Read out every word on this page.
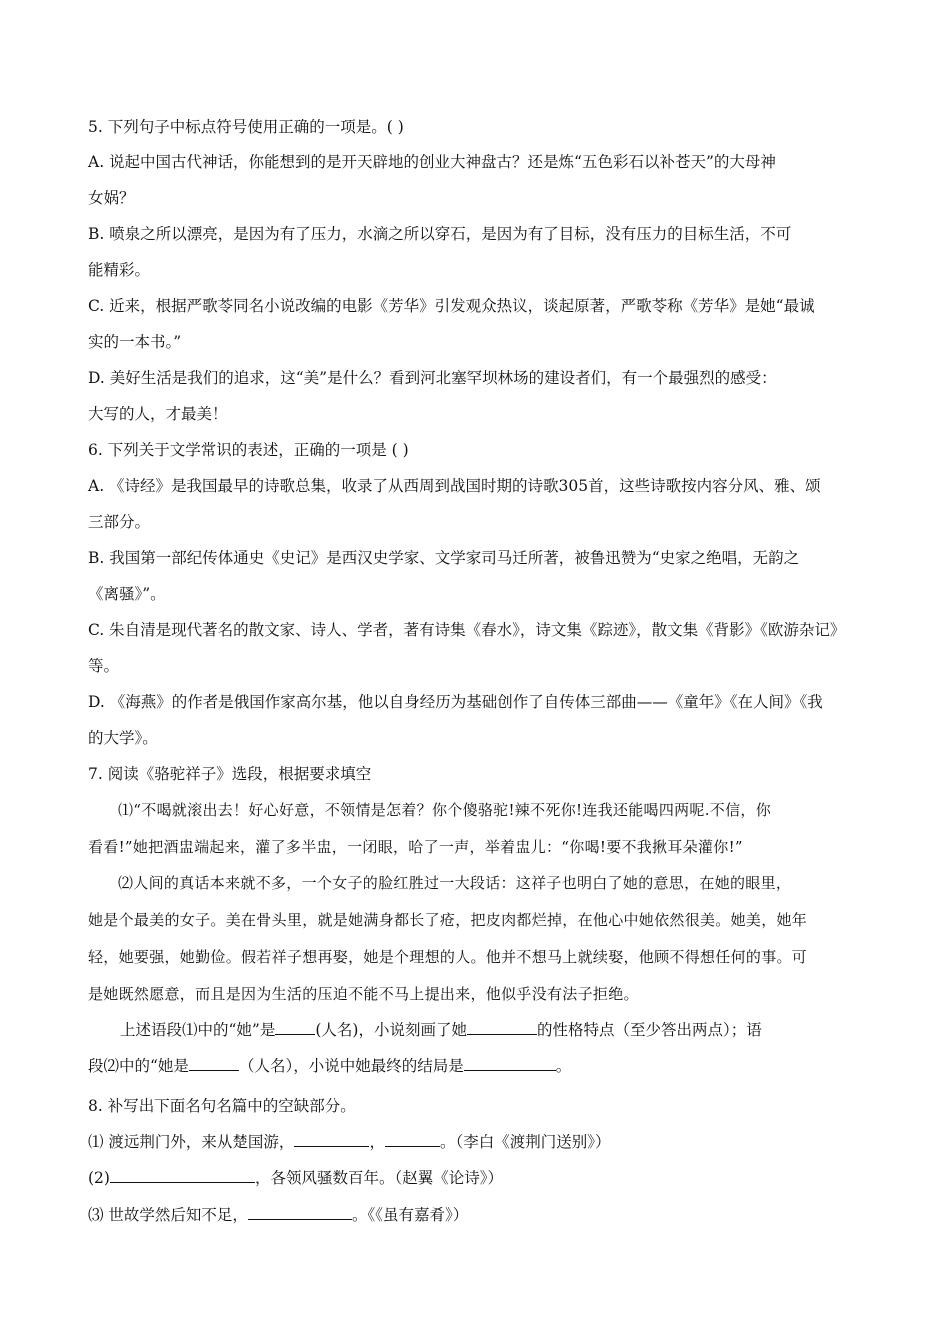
5. 下列句子中标点符号使用正确的一项是。( )
A. 说起中国古代神话，你能想到的是开天辟地的创业大神盘古？还是炼“五色彩石以补苍天”的大母神
女娲？
B. 喷泉之所以漂亮，是因为有了压力，水滴之所以穿石，是因为有了目标，没有压力的目标生活，不可
能精彩。
C. 近来，根据严歌苓同名小说改编的电影《芳华》引发观众热议，谈起原著，严歌苓称《芳华》是她“最诚
实的一本书。”
D. 美好生活是我们的追求，这“美”是什么？看到河北塞罕坝林场的建设者们，有一个最强烈的感受：
大写的人，才最美！
6. 下列关于文学常识的表述，正确的一项是 ( )
A. 《诗经》是我国最早的诗歌总集，收录了从西周到战国时期的诗歌305首，这些诗歌按内容分风、雅、颂
三部分。
B. 我国第一部纪传体通史《史记》是西汉史学家、文学家司马迁所著，被鲁迅赞为“史家之绝唱，无韵之
《离骚》”。
C. 朱自清是现代著名的散文家、诗人、学者，著有诗集《春水》，诗文集《踪迹》，散文集《背影》《欧游杂记》
等。
D. 《海燕》的作者是俄国作家高尔基，他以自身经历为基础创作了自传体三部曲——《童年》《在人间》《我
的大学》。
7. 阅读《骆驼祥子》选段，根据要求填空
⑴“不喝就滚出去！好心好意，不领情是怎着？你个傻骆驼!辣不死你!连我还能喝四两呢.不信，你
看看!”她把酒盅端起来，灌了多半盅，一闭眼，哈了一声，举着盅儿：“你喝!要不我揪耳朵灌你!”
⑵人间的真话本来就不多，一个女子的脸红胜过一大段话：这祥子也明白了她的意思，在她的眼里，
她是个最美的女子。美在骨头里，就是她满身都长了疮，把皮肉都烂掉，在他心中她依然很美。她美，她年
轻，她要强，她勤俭。假若祥子想再娶，她是个理想的人。他并不想马上就续娶，他顾不得想任何的事。可
是她既然愿意，而且是因为生活的压迫不能不马上提出来，他似乎没有法子拒绝。
上述语段⑴中的“她”是	(人名)，小说刻画了她	的性格特点（至少答出两点）；语
段⑵中的“她是	（人名），小说中她最终的结局是	。
8. 补写出下面名句名篇中的空缺部分。
⑴ 渡远荆门外，来从楚国游，	，	。（李白《渡荆门送别》）
(2)	，各领风骚数百年。（赵翼《论诗》）
⑶ 世故学然后知不足，	。《《虽有嘉肴》）
